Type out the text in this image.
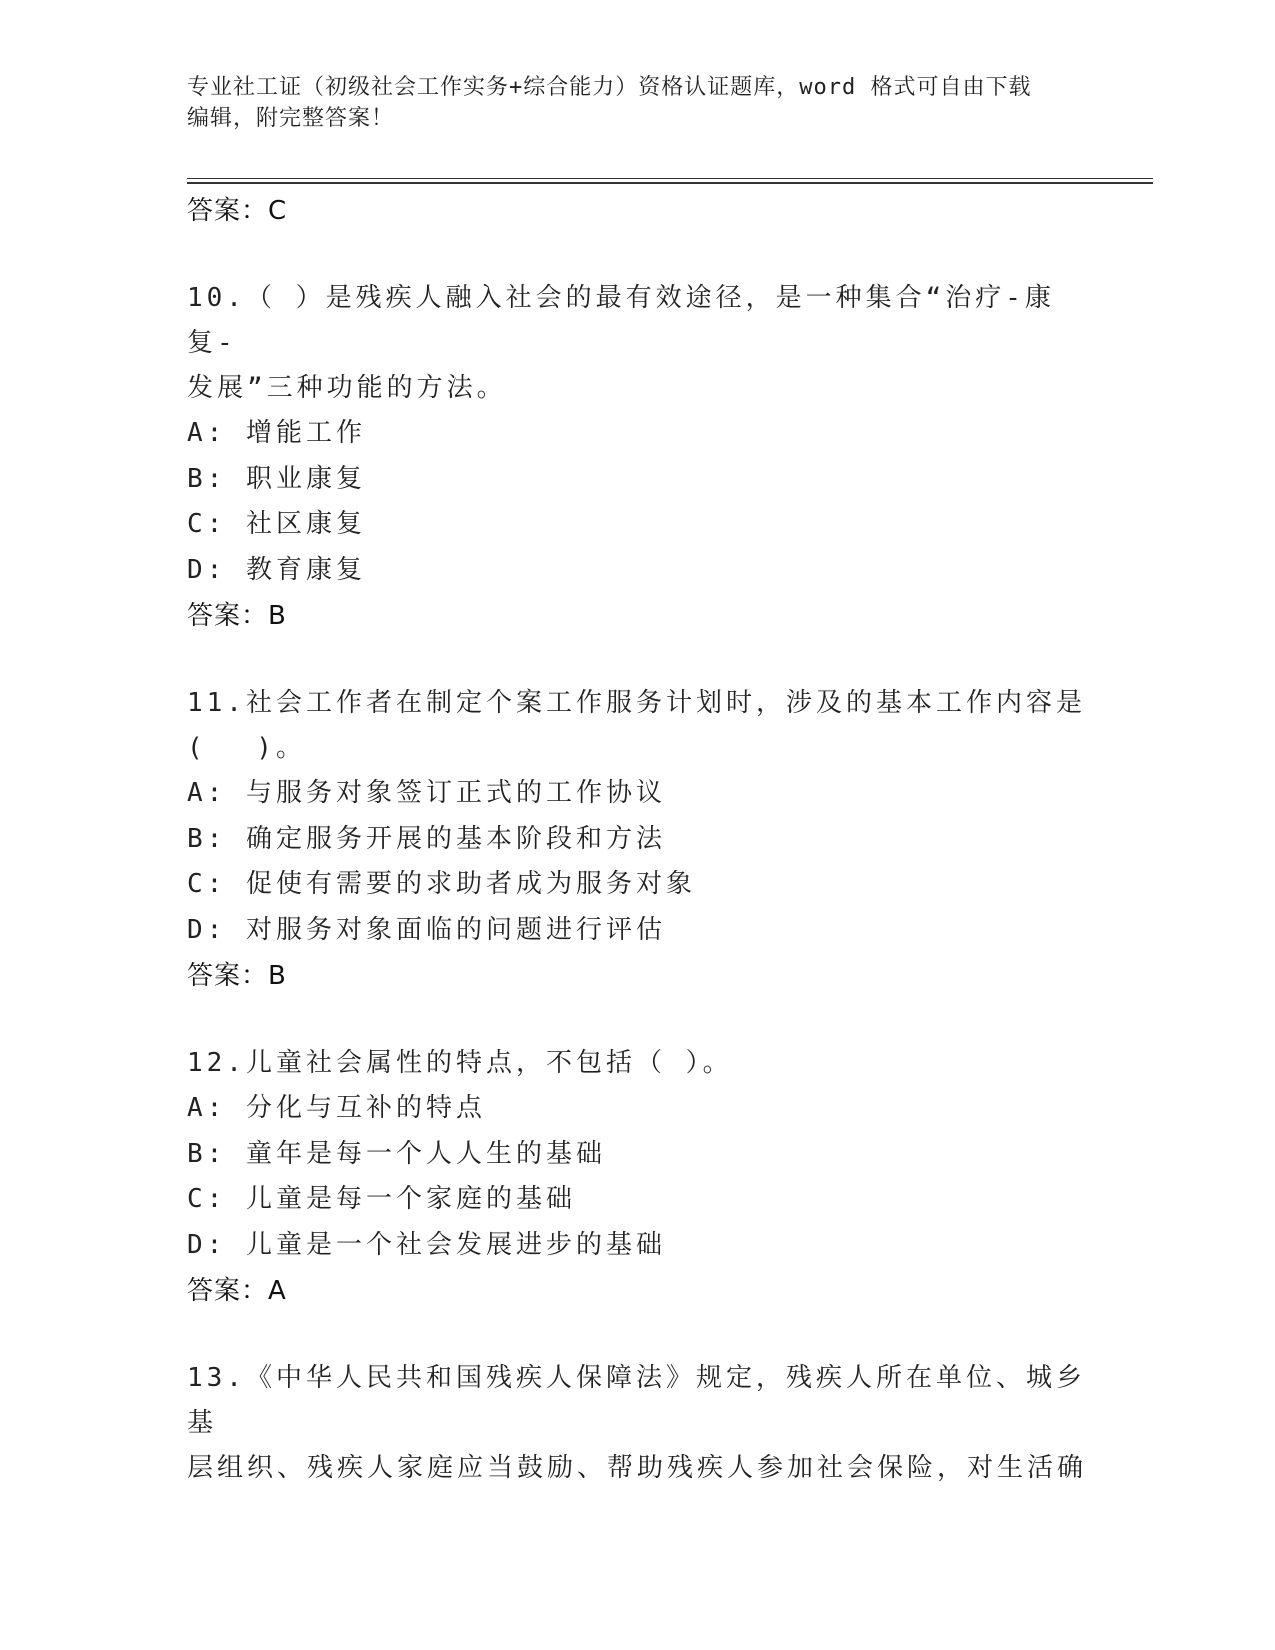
专业社工证（初级社会工作实务+综合能力）资格认证题库，word 格式可自由下载
编辑，附完整答案！
答案：C
10.（ ）是残疾人融入社会的最有效途径，是一种集合“治疗-康复-
发展”三种功能的方法。
A: 增能工作
B: 职业康复
C: 社区康复
D: 教育康复
答案：B
11.社会工作者在制定个案工作服务计划时，涉及的基本工作内容是
(　 )。
A: 与服务对象签订正式的工作协议
B: 确定服务开展的基本阶段和方法
C: 促使有需要的求助者成为服务对象
D: 对服务对象面临的问题进行评估
答案：B
12.儿童社会属性的特点，不包括（ ）。
A: 分化与互补的特点
B: 童年是每一个人人生的基础
C: 儿童是每一个家庭的基础
D: 儿童是一个社会发展进步的基础
答案：A
13.《中华人民共和国残疾人保障法》规定，残疾人所在单位、城乡基
层组织、残疾人家庭应当鼓励、帮助残疾人参加社会保险，对生活确
